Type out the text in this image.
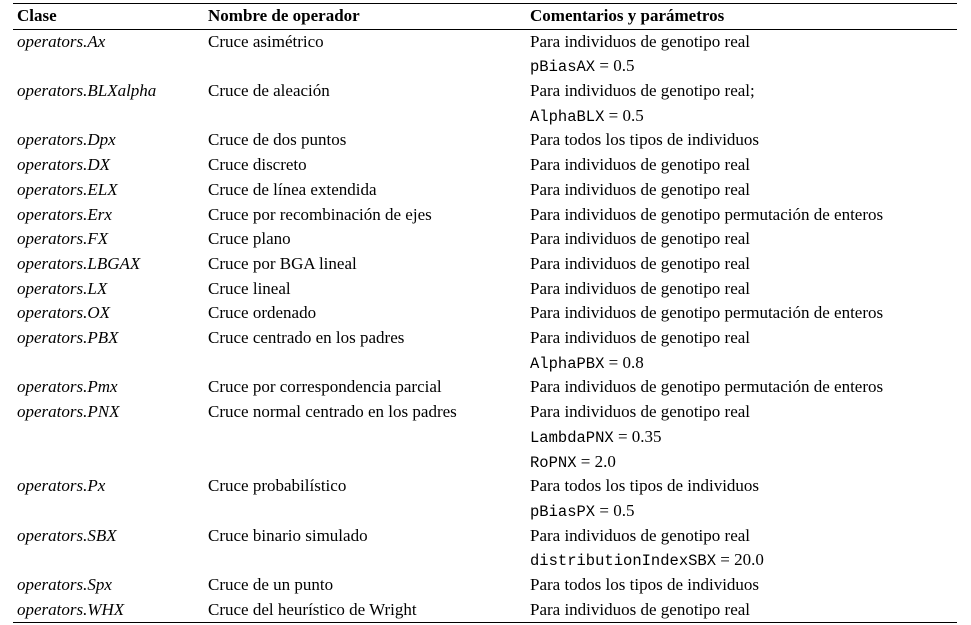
Clase	Nombre de operador	Comentarios y parámetros
operators.Ax	Cruce asimétrico	Para individuos de genotipo real
pBiasAX = 0.5

operators.BLXalpha	Cruce de aleación	Para individuos de genotipo real;
AlphaBLX = 0.5

operators.Dpx	Cruce de dos puntos	Para todos los tipos de individuos

operators.DX	Cruce discreto	Para individuos de genotipo real

operators.ELX	Cruce de línea extendida	Para individuos de genotipo real

operators.Erx	Cruce por recombinación de ejes	Para individuos de genotipo permutación de enteros

operators.FX	Cruce plano	Para individuos de genotipo real

operators.LBGAX	Cruce por BGA lineal	Para individuos de genotipo real

operators.LX	Cruce lineal	Para individuos de genotipo real

operators.OX	Cruce ordenado	Para individuos de genotipo permutación de enteros

operators.PBX	Cruce centrado en los padres	Para individuos de genotipo real
AlphaPBX = 0.8

operators.Pmx	Cruce por correspondencia parcial	Para individuos de genotipo permutación de enteros

operators.PNX	Cruce normal centrado en los padres	Para individuos de genotipo real
LambdaPNX = 0.35
RoPNX = 2.0

operators.Px	Cruce probabilístico	Para todos los tipos de individuos
pBiasPX = 0.5

operators.SBX	Cruce binario simulado	Para individuos de genotipo real
distributionIndexSBX = 20.0

operators.Spx	Cruce de un punto	Para todos los tipos de individuos

operators.WHX	Cruce del heurístico de Wright	Para individuos de genotipo real
